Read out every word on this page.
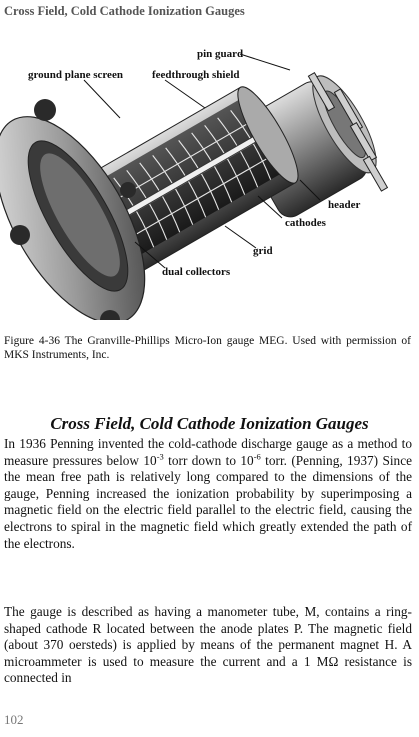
Cross Field, Cold Cathode Ionization Gauges
pin guard
ground plane screen	feedthrough shield
header
cathodes
grid
dual collectors
Figure 4-36 The Granville-Phillips Micro-Ion gauge MEG. Used with permission of MKS Instruments, Inc.
Cross Field, Cold Cathode Ionization Gauges
In 1936 Penning invented the cold-cathode discharge gauge as a method to measure pressures below $10^{-3}$ torr down to $10^{-6}$ torr. (Penning, 1937) Since the mean free path is relatively long compared to the dimensions of the gauge, Penning increased the ionization probability by superimposing a magnetic field on the electric field parallel to the electric field, causing the electrons to spiral in the magnetic field which greatly extended the path of the electrons.
The gauge is described as having a manometer tube, M, contains a ring-shaped cathode R located between the anode plates P. The magnetic field (about 370 oersteds) is applied by means of the permanent magnet H. A microammeter is used to measure the current and a 1 MΩ resistance is connected in
102
